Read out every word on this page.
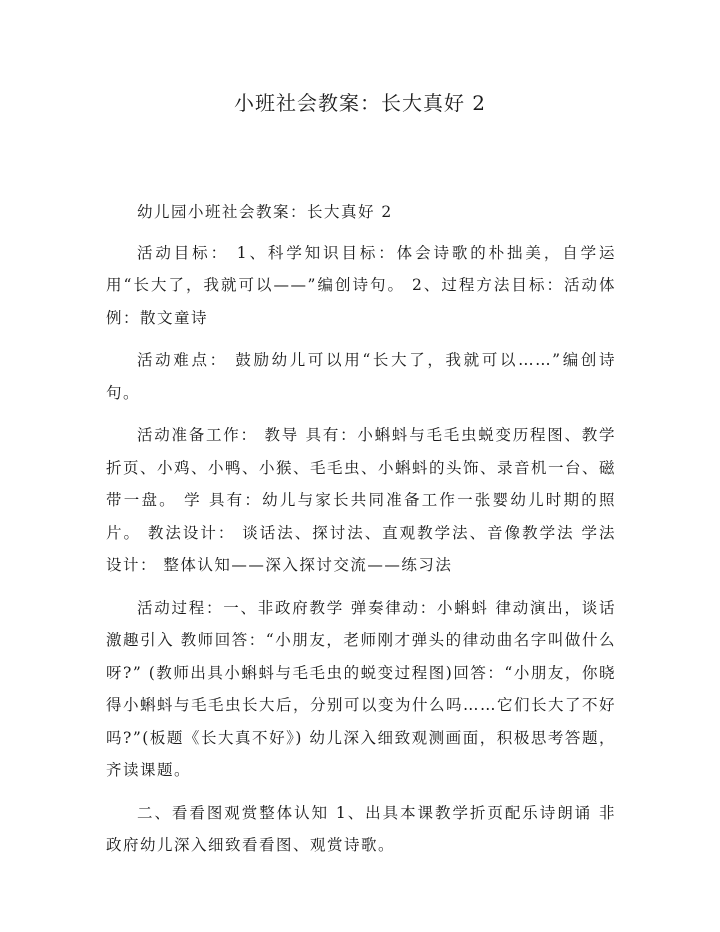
小班社会教案：长大真好 2

幼儿园小班社会教案：长大真好 2

活动目标： 1、科学知识目标：体会诗歌的朴拙美，自学运用“长大了，我就可以——”编创诗句。 2、过程方法目标：活动体例：散文童诗

活动难点： 鼓励幼儿可以用“长大了，我就可以……”编创诗句。

活动准备工作： 教导 具有：小蝌蚪与毛毛虫蜕变历程图、教学折页、小鸡、小鸭、小猴、毛毛虫、小蝌蚪的头饰、录音机一台、磁带一盘。 学 具有：幼儿与家长共同准备工作一张婴幼儿时期的照片。 教法设计： 谈话法、探讨法、直观教学法、音像教学法 学法设计： 整体认知——深入探讨交流——练习法

活动过程：一、非政府教学 弹奏律动：小蝌蚪 律动演出，谈话激趣引入 教师回答：“小朋友，老师刚才弹头的律动曲名字叫做什么呀?” (教师出具小蝌蚪与毛毛虫的蜕变过程图)回答：“小朋友，你晓得小蝌蚪与毛毛虫长大后，分别可以变为什么吗……它们长大了不好吗?”(板题《长大真不好》) 幼儿深入细致观测画面，积极思考答题，齐读课题。

二、看看图观赏整体认知 1、出具本课教学折页配乐诗朗诵 非政府幼儿深入细致看看图、观赏诗歌。
